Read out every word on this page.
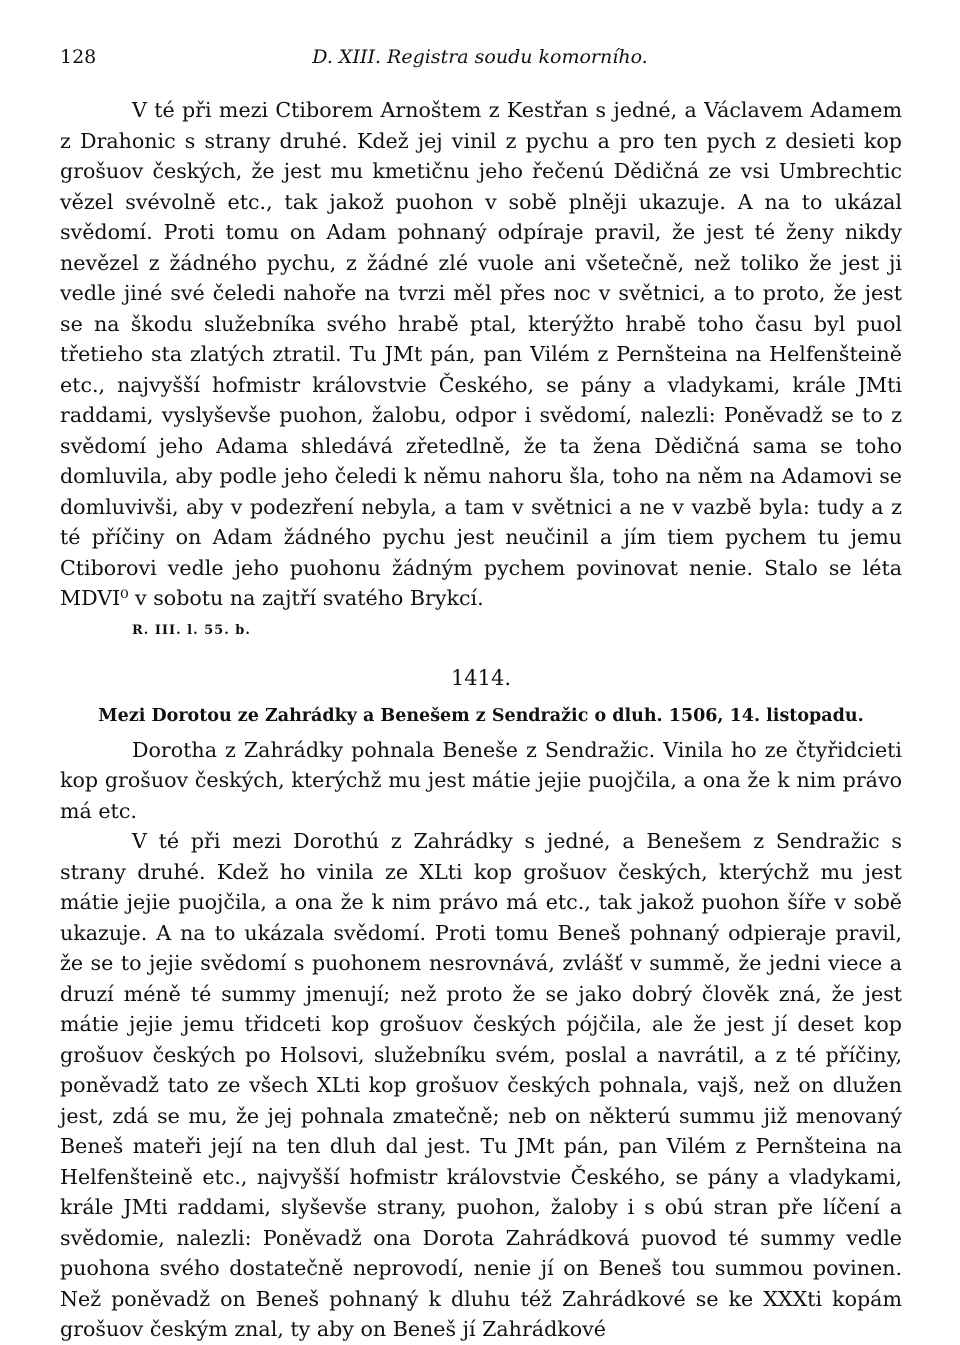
128	D. XIII. Registra soudu komorního.

V té při mezi Ctiborem Arnoštem z Kestřan s jedné, a Václavem Adamem z Drahonic s strany druhé. Kdež jej vinil z pychu a pro ten pych z desieti kop grošuov českých, že jest mu kmetičnu jeho řečenú Dědičná ze vsi Umbrechtic vězel svévolně etc., tak jakož puohon v sobě plněji ukazuje. A na to ukázal svědomí. Proti tomu on Adam pohnaný odpíraje pravil, že jest té ženy nikdy nevězel z žádného pychu, z žádné zlé vuole ani všetečně, než toliko že jest ji vedle jiné své čeledi nahoře na tvrzi měl přes noc v světnici, a to proto, že jest se na škodu služebníka svého hrabě ptal, kterýžto hrabě toho času byl puol třetieho sta zlatých ztratil. Tu JMt pán, pan Vilém z Pernšteina na Helfenšteině etc., najvyšší hofmistr královstvie Českého, se pány a vladykami, krále JMti raddami, vyslyševše puohon, žalobu, odpor i svědomí, nalezli: Poněvadž se to z svědomí jeho Adama shledává zřetedlně, že ta žena Dědičná sama se toho domluvila, aby podle jeho čeledi k němu nahoru šla, toho na něm na Adamovi se domluvivši, aby v podezření nebyla, a tam v světnici a ne v vazbě byla: tudy a z té příčiny on Adam žádného pychu jest neučinil a jím tiem pychem tu jemu Ctiborovi vedle jeho puohonu žádným pychem povinovat nenie. Stalo se léta MDVI⁰ v sobotu na zajtří svatého Brykcí.

R. III. l. 55. b.
1414.
Mezi Dorotou ze Zahrádky a Benešem z Sendražic o dluh. 1506, 14. listopadu.

Dorotha z Zahrádky pohnala Beneše z Sendražic. Vinila ho ze čtyřidcieti kop grošuov českých, kterýchž mu jest mátie jejie puojčila, a ona že k nim právo má etc.

V té při mezi Dorothú z Zahrádky s jedné, a Benešem z Sendražic s strany druhé. Kdež ho vinila ze XLti kop grošuov českých, kterýchž mu jest mátie jejie puojčila, a ona že k nim právo má etc., tak jakož puohon šíře v sobě ukazuje. A na to ukázala svědomí. Proti tomu Beneš pohnaný odpieraje pravil, že se to jejie svědomí s puohonem nesrovnává, zvlášť v summě, že jedni viece a druzí méně té summy jmenují; než proto že se jako dobrý člověk zná, že jest mátie jejie jemu třidceti kop grošuov českých pójčila, ale že jest jí deset kop grošuov českých po Holsovi, služebníku svém, poslal a navrátil, a z té příčiny, poněvadž tato ze všech XLti kop grošuov českých pohnala, vajš, než on dlužen jest, zdá se mu, že jej pohnala zmatečně; neb on některú summu již menovaný Beneš mateři její na ten dluh dal jest. Tu JMt pán, pan Vilém z Pernšteina na Helfenšteině etc., najvyšší hofmistr královstvie Českého, se pány a vladykami, krále JMti raddami, slyševše strany, puohon, žaloby i s obú stran pře líčení a svědomie, nalezli: Poněvadž ona Dorota Zahrádková puovod té summy vedle puohona svého dostatečně neprovodí, nenie jí on Beneš tou summou povinen. Než poněvadž on Beneš pohnaný k dluhu též Zahrádkové se ke XXXti kopám grošuov českým znal, ty aby on Beneš jí Zahrádkové
